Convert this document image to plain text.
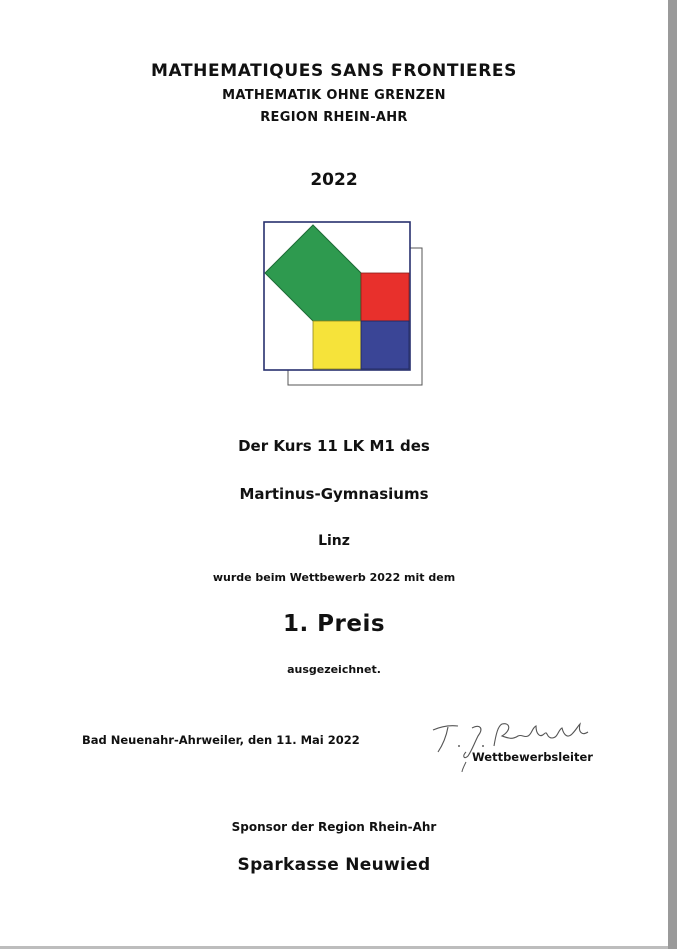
MATHEMATIQUES SANS FRONTIERES
MATHEMATIK OHNE GRENZEN
REGION RHEIN-AHR
2022
Der Kurs 11 LK M1 des
Martinus-Gymnasiums
Linz
wurde beim Wettbewerb 2022 mit dem
1. Preis
ausgezeichnet.
Bad Neuenahr-Ahrweiler, den 11. Mai 2022
Wettbewerbsleiter
Sponsor der Region Rhein-Ahr
Sparkasse Neuwied
